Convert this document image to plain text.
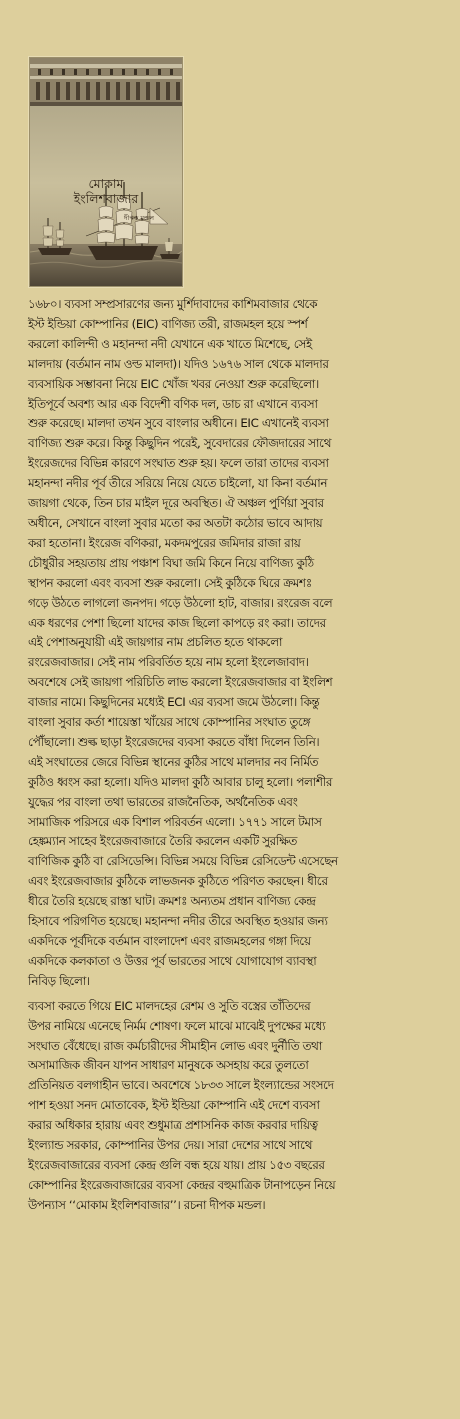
মোকাম
ইংলিশবাজার
দীপক মন্ডল

১৬৮০। ব্যবসা সম্প্রসারণের জন্য মুর্শিদাবাদের কাশিমবাজার থেকে
ইস্ট ইন্ডিয়া কোম্পানির (EIC) বাণিজ্য তরী, রাজমহল হয়ে স্পর্শ
করলো কালিন্দী ও মহানন্দা নদী যেখানে এক খাতে মিশেছে, সেই
মালদায় (বর্তমান নাম ওল্ড মালদা)। যদিও ১৬৭৬ সাল থেকে মালদার
ব্যবসায়িক সম্ভাবনা নিয়ে EIC খোঁজ খবর নেওয়া শুরু করেছিলো।
ইতিপূর্বে অবশ্য আর এক বিদেশী বণিক দল, ডাচ রা এখানে ব্যবসা
শুরু করেছে। মালদা তখন সুবে বাংলার অধীনে। EIC এখানেই ব্যবসা
বাণিজ্য শুরু করে। কিন্তু কিছুদিন পরেই, সুবেদারের ফৌজদারের সাথে
ইংরেজদের বিভিন্ন কারণে সংঘাত শুরু হয়। ফলে তারা তাদের ব্যবসা
মহানন্দা নদীর পূর্ব তীরে সরিয়ে নিয়ে যেতে চাইলো, যা কিনা বর্তমান
জায়গা থেকে, তিন চার মাইল দূরে অবস্থিত। ঐ অঞ্চল পুর্ণিয়া সুবার
অধীনে, সেখানে বাংলা সুবার মতো কর অতটা কঠোর ভাবে আদায়
করা হতোনা। ইংরেজ বণিকরা, মকদমপুরের জমিদার রাজা রায়
চৌধুরীর সহয়তায় প্রায় পঞ্চাশ বিঘা জমি কিনে নিয়ে বাণিজ্য কুঠি
স্থাপন করলো এবং ব্যবসা শুরু করলো। সেই কুঠিকে ঘিরে ক্রমশঃ
গড়ে উঠতে লাগলো জনপদ। গড়ে উঠলো হাট, বাজার। রংরেজ বলে
এক ধরণের পেশা ছিলো যাদের কাজ ছিলো কাপড়ে রং করা। তাদের
এই পেশাঅনুযায়ী এই জায়গার নাম প্রচলিত হতে থাকলো
রংরেজবাজার। সেই নাম পরিবর্তিত হয়ে নাম হলো ইংলেজাবাদ।
অবশেষে সেই জায়গা পরিচিতি লাভ করলো ইংরেজবাজার বা ইংলিশ
বাজার নামে। কিছুদিনের মধ্যেই ECI এর ব্যবসা জমে উঠলো। কিন্তু
বাংলা সুবার কর্তা শায়েস্তা খাঁয়ের সাথে কোম্পানির সংঘাত তুঙ্গে
পৌঁছালো। শুল্ক ছাড়া ইংরেজদের ব্যবসা করতে বাঁধা দিলেন তিনি।
এই সংঘাতের জেরে বিভিন্ন স্থানের কুঠির সাথে মালদার নব নির্মিত
কুঠিও ধ্বংস করা হলো। যদিও মালদা কুঠি আবার চালু হলো। পলাশীর
যুদ্ধের পর বাংলা তথা ভারতের রাজনৈতিক, অর্থনৈতিক এবং
সামাজিক পরিসরে এক বিশাল পরিবর্তন এলো। ১৭৭১ সালে টমাস
হেঙ্কম্যান সাহেব ইংরেজবাজারে তৈরি করলেন একটি সুরক্ষিত
বাণিজিক কুঠি বা রেসিডেন্সি। বিভিন্ন সময়ে বিভিন্ন রেসিডেন্ট এসেছেন
এবং ইংরেজবাজার কুঠিকে লাভজনক কুঠিতে পরিণত করছেন। ধীরে
ধীরে তৈরি হয়েছে রাস্তা ঘাট। ক্রমশঃ অন্যতম প্রধান বাণিজ্য কেন্দ্র
হিসাবে পরিগণিত হয়েছে। মহানন্দা নদীর তীরে অবস্থিত হওয়ার জন্য
একদিকে পূর্বদিকে বর্তমান বাংলাদেশ এবং রাজমহলের গঙ্গা দিয়ে
একদিকে কলকাতা ও উত্তর পূর্ব ভারতের সাথে যোগাযোগ ব্যাবস্থা
নিবিড় ছিলো।

ব্যবসা করতে গিয়ে EIC মালদহের রেশম ও সুতি বস্ত্রের তাঁতিদের
উপর নামিয়ে এনেছে নির্মম শোষণ। ফলে মাঝে মাঝেই দুপক্ষের মধ্যে
সংঘাত বেঁধেছে। রাজ কর্মচারীদের সীমাহীন লোভ এবং দুর্নীতি তথা
অসামাজিক জীবন যাপন সাধারণ মানুষকে অসহায় করে তুলতো
প্রতিনিয়ত বলগাহীন ভাবে। অবশেষে ১৮৩৩ সালে ইংল্যান্ডের সংসদে
পাশ হওয়া সনদ মোতাবেক, ইস্ট ইন্ডিয়া কোম্পানি এই দেশে ব্যবসা
করার অধিকার হারায় এবং শুধুমাত্র প্রশাসনিক কাজ করবার দায়িত্ব
ইংল্যান্ড সরকার, কোম্পানির উপর দেয়। সারা দেশের সাথে সাথে
ইংরেজবাজারের ব্যবসা কেন্দ্র গুলি বন্ধ হয়ে যায়। প্রায় ১৫৩ বছরের
কোম্পানির ইংরেজবাজারের ব্যবসা কেন্দ্রর বহুমাত্রিক টানাপড়েন নিয়ে
উপন্যাস ‘‘মোকাম ইংলিশবাজার’’। রচনা দীপক মন্ডল।
